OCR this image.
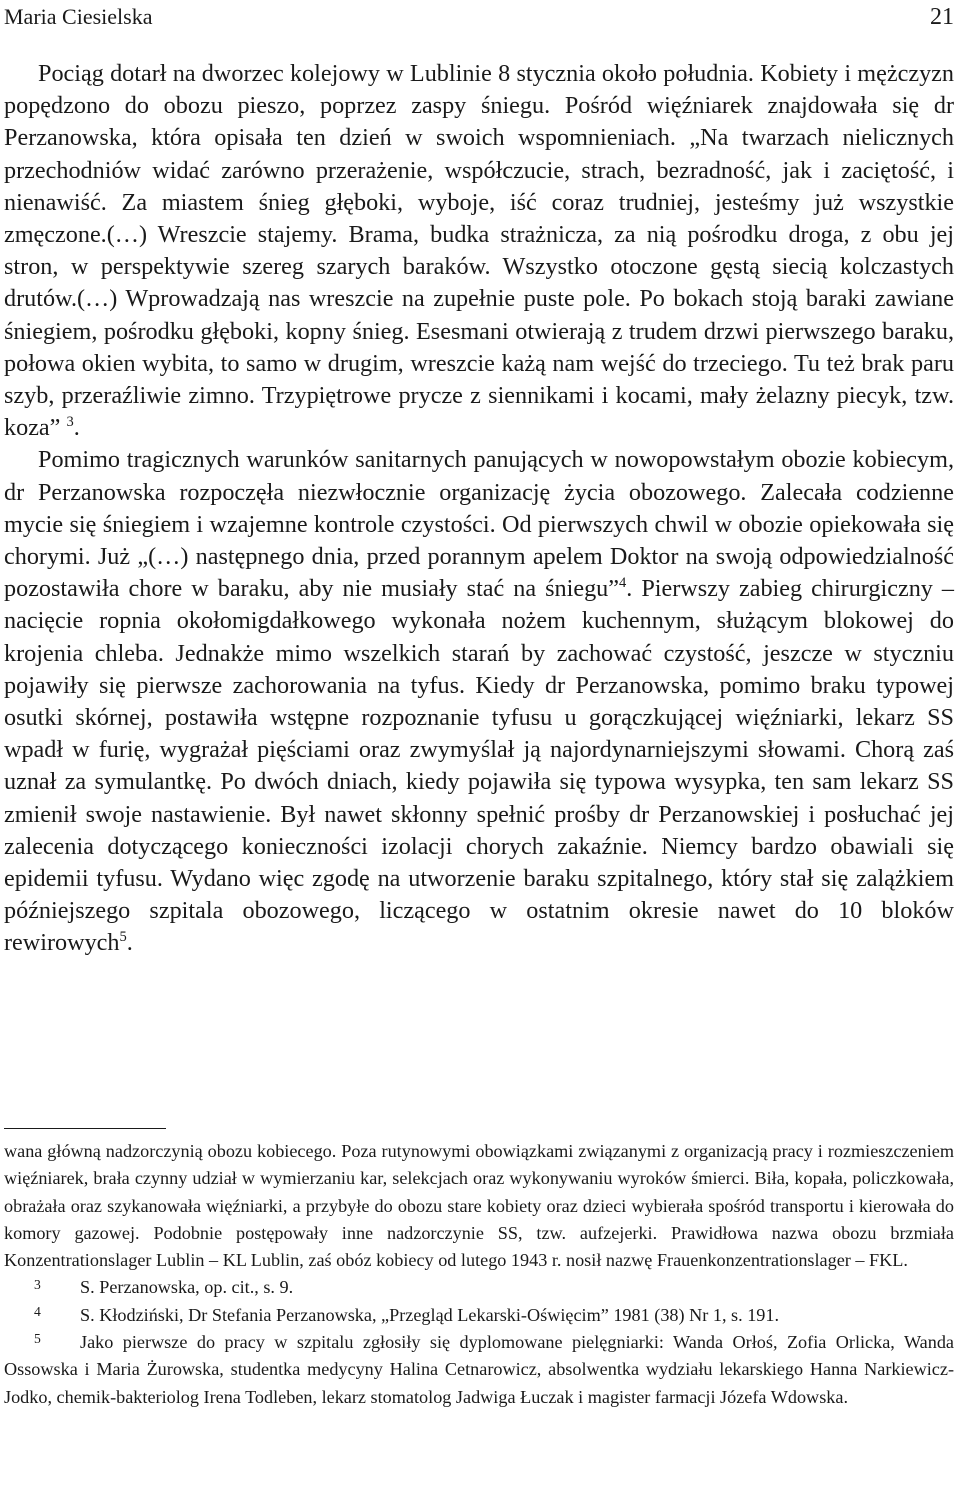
Maria Ciesielska	21

Pociąg dotarł na dworzec kolejowy w Lublinie 8 stycznia około południa. Kobiety i mężczyzn popędzono do obozu pieszo, poprzez zaspy śniegu. Pośród więźniarek znajdowała się dr Perzanowska, która opisała ten dzień w swoich wspomnieniach. „Na twarzach nielicznych przechodniów widać zarówno przerażenie, współczucie, strach, bezradność, jak i zaciętość, i nienawiść. Za miastem śnieg głęboki, wyboje, iść coraz trudniej, jesteśmy już wszystkie zmęczone.(…) Wreszcie stajemy. Brama, budka strażnicza, za nią pośrodku droga, z obu jej stron, w perspektywie szereg szarych baraków. Wszystko otoczone gęstą siecią kolczastych drutów.(…) Wprowadzają nas wreszcie na zupełnie puste pole. Po bokach stoją baraki zawiane śniegiem, pośrodku głęboki, kopny śnieg. Esesmani otwierają z trudem drzwi pierwszego baraku, połowa okien wybita, to samo w drugim, wreszcie każą nam wejść do trzeciego. Tu też brak paru szyb, przeraźliwie zimno. Trzypiętrowe prycze z siennikami i kocami, mały żelazny piecyk, tzw. koza” $^3$.

Pomimo tragicznych warunków sanitarnych panujących w nowopowstałym obozie kobiecym, dr Perzanowska rozpoczęła niezwłocznie organizację życia obozowego. Zalecała codzienne mycie się śniegiem i wzajemne kontrole czystości. Od pierwszych chwil w obozie opiekowała się chorymi. Już „(…) następnego dnia, przed porannym apelem Doktor na swoją odpowiedzialność pozostawiła chore w baraku, aby nie musiały stać na śniegu”$^4$. Pierwszy zabieg chirurgiczny – nacięcie ropnia okołomigdałkowego wykonała nożem kuchennym, służącym blokowej do krojenia chleba. Jednakże mimo wszelkich starań by zachować czystość, jeszcze w styczniu pojawiły się pierwsze zachorowania na tyfus. Kiedy dr Perzanowska, pomimo braku typowej osutki skórnej, postawiła wstępne rozpoznanie tyfusu u gorączkującej więźniarki, lekarz SS wpadł w furię, wygrażał pięściami oraz zwymyślał ją najordynarniejszymi słowami. Chorą zaś uznał za symulantkę. Po dwóch dniach, kiedy pojawiła się typowa wysypka, ten sam lekarz SS zmienił swoje nastawienie. Był nawet skłonny spełnić prośby dr Perzanowskiej i posłuchać jej zalecenia dotyczącego konieczności izolacji chorych zakaźnie. Niemcy bardzo obawiali się epidemii tyfusu. Wydano więc zgodę na utworzenie baraku szpitalnego, który stał się zalążkiem późniejszego szpitala obozowego, liczącego w ostatnim okresie nawet do 10 bloków rewirowych$^5$.

wana główną nadzorczynią obozu kobiecego. Poza rutynowymi obowiązkami związanymi z organizacją pracy i rozmieszczeniem więźniarek, brała czynny udział w wymierzaniu kar, selekcjach oraz wykonywaniu wyroków śmierci. Biła, kopała, policzkowała, obrażała oraz szykanowała więźniarki, a przybyłe do obozu stare kobiety oraz dzieci wybierała spośród transportu i kierowała do komory gazowej. Podobnie postępowały inne nadzorczynie SS, tzw. aufzejerki. Prawidłowa nazwa obozu brzmiała Konzentrationslager Lublin – KL Lublin, zaś obóz kobiecy od lutego 1943 r. nosił nazwę Frauenkonzentrationslager – FKL.

3 S. Perzanowska, op. cit., s. 9.

4 S. Kłodziński, Dr Stefania Perzanowska, „Przegląd Lekarski-Oświęcim” 1981 (38) Nr 1, s. 191.

5 Jako pierwsze do pracy w szpitalu zgłosiły się dyplomowane pielęgniarki: Wanda Orłoś, Zofia Orlicka, Wanda Ossowska i Maria Żurowska, studentka medycyny Halina Cetnarowicz, absolwentka wydziału lekarskiego Hanna Narkiewicz-Jodko, chemik-bakteriolog Irena Todleben, lekarz stomatolog Jadwiga Łuczak i magister farmacji Józefa Wdowska.
